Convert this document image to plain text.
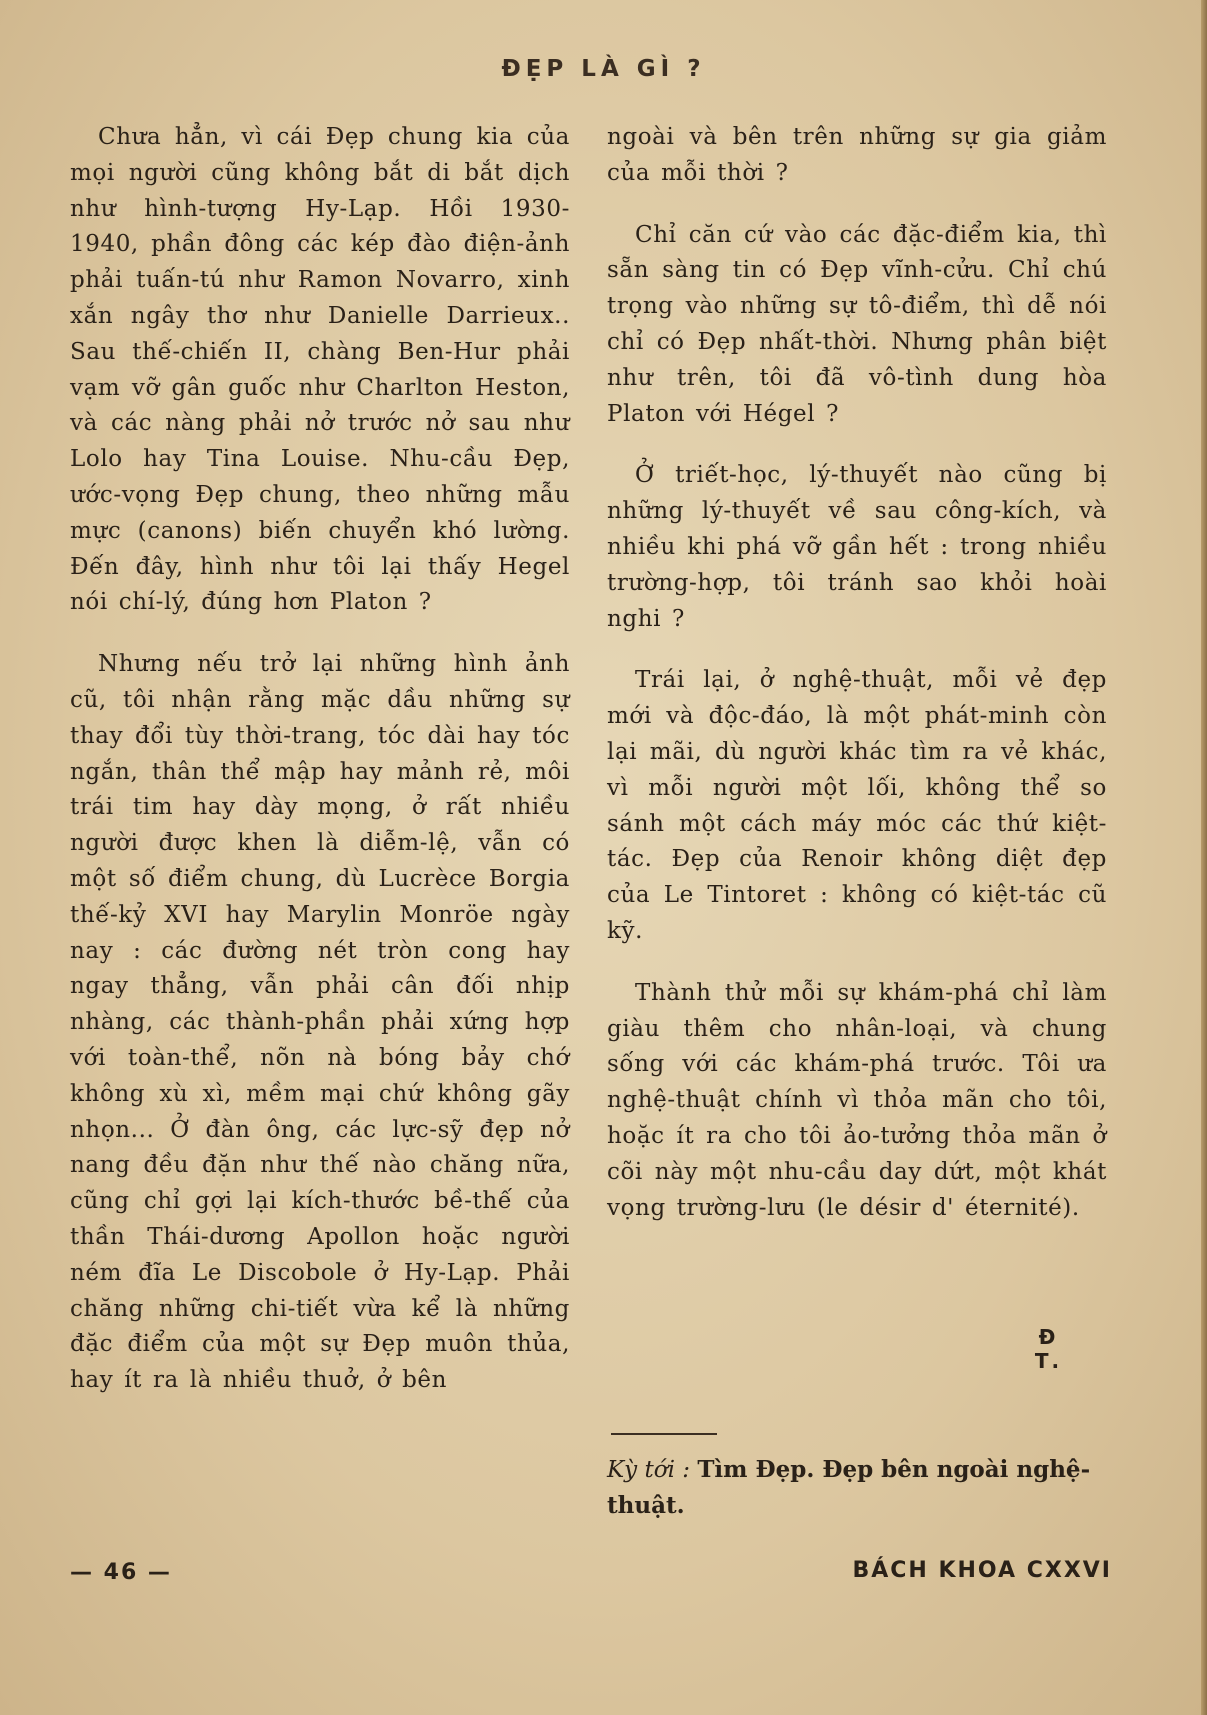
ĐẸP LÀ GÌ ?

Chưa hẳn, vì cái Đẹp chung kia của mọi người cũng không bắt di bắt dịch như hình-tượng Hy-Lạp. Hồi 1930-1940, phần đông các kép đào điện-ảnh phải tuấn-tú như Ramon Novarro, xinh xắn ngây thơ như Danielle Darrieux.. Sau thế-chiến II, chàng Ben-Hur phải vạm vỡ gân guốc như Charlton Heston, và các nàng phải nở trước nở sau như Lolo hay Tina Louise. Nhu-cầu Đẹp, ước-vọng Đẹp chung, theo những mẫu mực (canons) biến chuyển khó lường. Đến đây, hình như tôi lại thấy Hegel nói chí-lý, đúng hơn Platon ?

Nhưng nếu trở lại những hình ảnh cũ, tôi nhận rằng mặc dầu những sự thay đổi tùy thời-trang, tóc dài hay tóc ngắn, thân thể mập hay mảnh rẻ, môi trái tim hay dày mọng, ở rất nhiều người được khen là diễm-lệ, vẫn có một số điểm chung, dù Lucrèce Borgia thế-kỷ XVI hay Marylin Monröe ngày nay : các đường nét tròn cong hay ngay thẳng, vẫn phải cân đối nhịp nhàng, các thành-phần phải xứng hợp với toàn-thể, nõn nà bóng bảy chớ không xù xì, mềm mại chứ không gãy nhọn... Ở đàn ông, các lực-sỹ đẹp nở nang đều đặn như thế nào chăng nữa, cũng chỉ gợi lại kích-thước bề-thế của thần Thái-dương Apollon hoặc người ném đĩa Le Discobole ở Hy-Lạp. Phải chăng những chi-tiết vừa kể là những đặc điểm của một sự Đẹp muôn thủa, hay ít ra là nhiều thuở, ở bên

ngoài và bên trên những sự gia giảm của mỗi thời ?

Chỉ căn cứ vào các đặc-điểm kia, thì sẵn sàng tin có Đẹp vĩnh-cửu. Chỉ chú trọng vào những sự tô-điểm, thì dễ nói chỉ có Đẹp nhất-thời. Nhưng phân biệt như trên, tôi đã vô-tình dung hòa Platon với Hégel ?

Ở triết-học, lý-thuyết nào cũng bị những lý-thuyết về sau công-kích, và nhiều khi phá vỡ gần hết : trong nhiều trường-hợp, tôi tránh sao khỏi hoài nghi ?

Trái lại, ở nghệ-thuật, mỗi vẻ đẹp mới và độc-đáo, là một phát-minh còn lại mãi, dù người khác tìm ra vẻ khác, vì mỗi người một lối, không thể so sánh một cách máy móc các thứ kiệt-tác. Đẹp của Renoir không diệt đẹp của Le Tintoret : không có kiệt-tác cũ kỹ.

Thành thử mỗi sự khám-phá chỉ làm giàu thêm cho nhân-loại, và chung sống với các khám-phá trước. Tôi ưa nghệ-thuật chính vì thỏa mãn cho tôi, hoặc ít ra cho tôi ảo-tưởng thỏa mãn ở cõi này một nhu-cầu day dứt, một khát vọng trường-lưu (le désir d' éternité).

Đ T.
Kỳ tới : Tìm Đẹp. Đẹp bên ngoài nghệ-thuật.
— 46 —	BÁCH KHOA CXXVI
